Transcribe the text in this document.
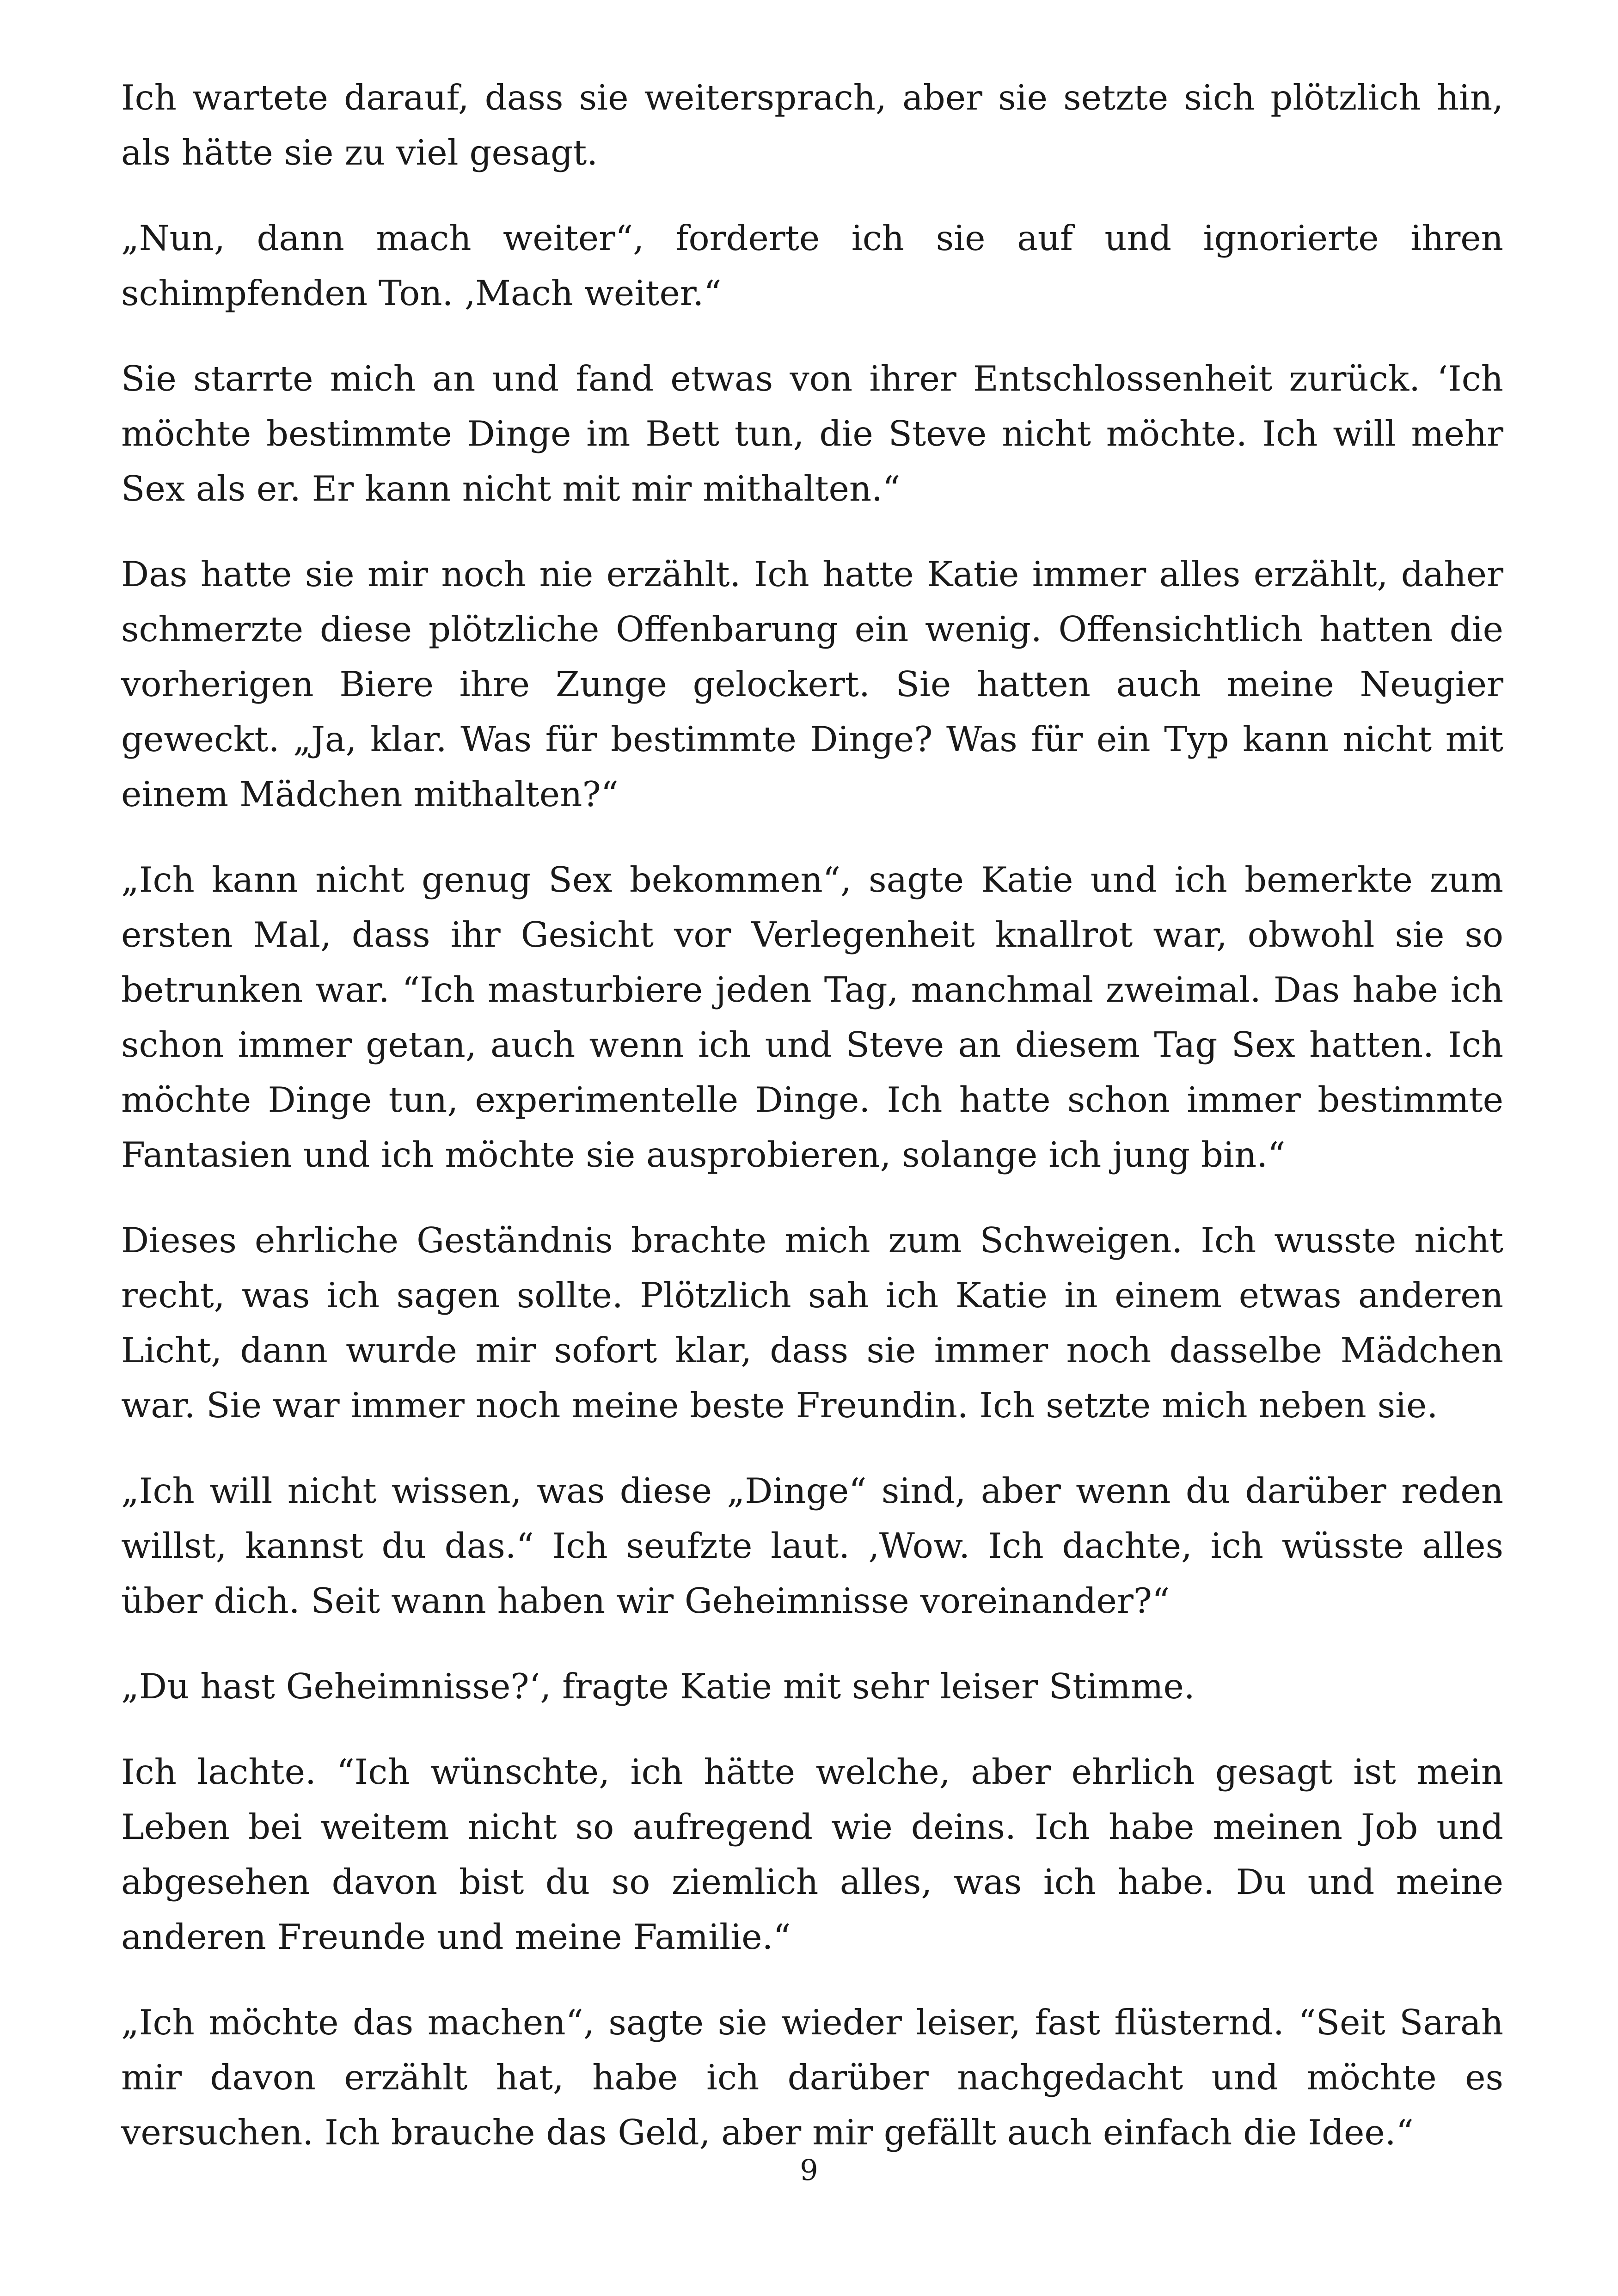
Ich wartete darauf, dass sie weitersprach, aber sie setzte sich plötzlich hin, als hätte sie zu viel gesagt.

„Nun, dann mach weiter“, forderte ich sie auf und ignorierte ihren schimpfenden Ton. ‚Mach weiter.“

Sie starrte mich an und fand etwas von ihrer Entschlossenheit zurück. ‘Ich möchte bestimmte Dinge im Bett tun, die Steve nicht möchte. Ich will mehr Sex als er. Er kann nicht mit mir mithalten.“

Das hatte sie mir noch nie erzählt. Ich hatte Katie immer alles erzählt, daher schmerzte diese plötzliche Offenbarung ein wenig. Offensichtlich hatten die vorherigen Biere ihre Zunge gelockert. Sie hatten auch meine Neugier geweckt. „Ja, klar. Was für bestimmte Dinge? Was für ein Typ kann nicht mit einem Mädchen mithalten?“

„Ich kann nicht genug Sex bekommen“, sagte Katie und ich bemerkte zum ersten Mal, dass ihr Gesicht vor Verlegenheit knallrot war, obwohl sie so betrunken war. “Ich masturbiere jeden Tag, manchmal zweimal. Das habe ich schon immer getan, auch wenn ich und Steve an diesem Tag Sex hatten. Ich möchte Dinge tun, experimentelle Dinge. Ich hatte schon immer bestimmte Fantasien und ich möchte sie ausprobieren, solange ich jung bin.“

Dieses ehrliche Geständnis brachte mich zum Schweigen. Ich wusste nicht recht, was ich sagen sollte. Plötzlich sah ich Katie in einem etwas anderen Licht, dann wurde mir sofort klar, dass sie immer noch dasselbe Mädchen war. Sie war immer noch meine beste Freundin. Ich setzte mich neben sie.

„Ich will nicht wissen, was diese „Dinge“ sind, aber wenn du darüber reden willst, kannst du das.“ Ich seufzte laut. ‚Wow. Ich dachte, ich wüsste alles über dich. Seit wann haben wir Geheimnisse voreinander?“

„Du hast Geheimnisse?‘, fragte Katie mit sehr leiser Stimme.

Ich lachte. “Ich wünschte, ich hätte welche, aber ehrlich gesagt ist mein Leben bei weitem nicht so aufregend wie deins. Ich habe meinen Job und abgesehen davon bist du so ziemlich alles, was ich habe. Du und meine anderen Freunde und meine Familie.“

„Ich möchte das machen“, sagte sie wieder leiser, fast flüsternd. “Seit Sarah mir davon erzählt hat, habe ich darüber nachgedacht und möchte es versuchen. Ich brauche das Geld, aber mir gefällt auch einfach die Idee.“

9
